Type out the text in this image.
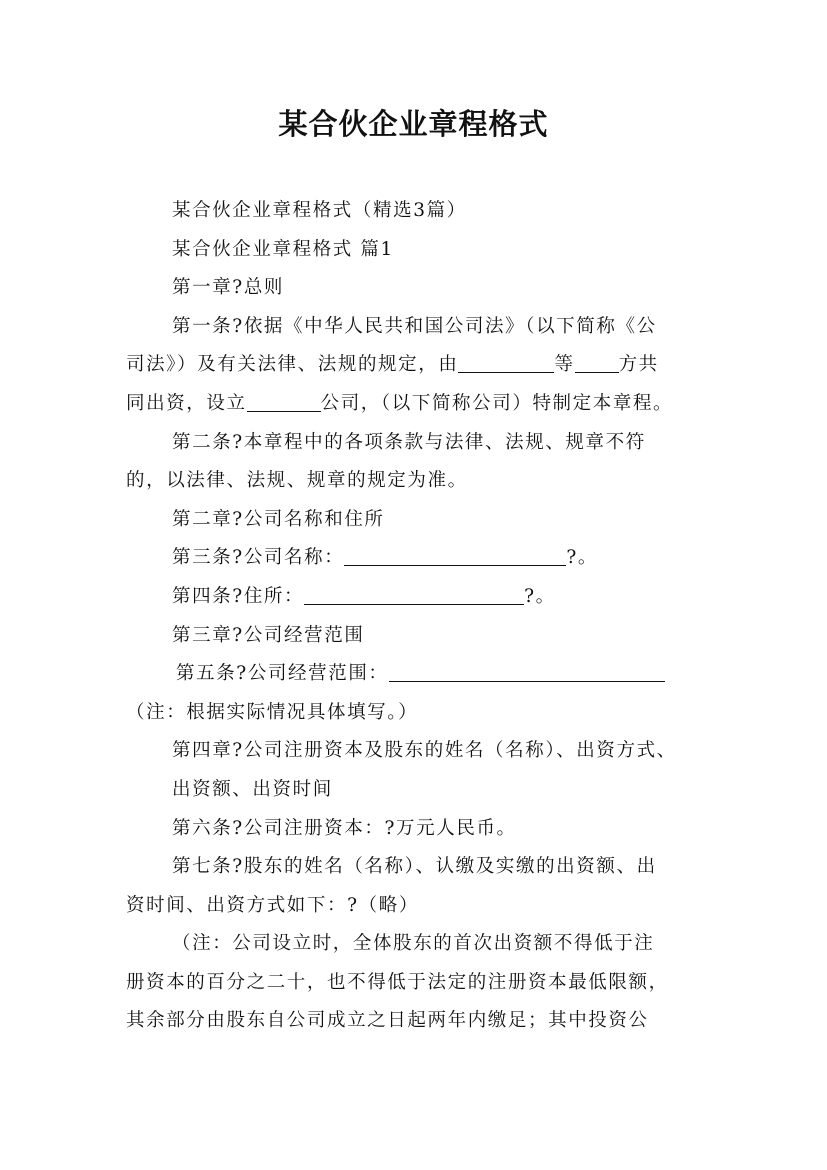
某合伙企业章程格式

某合伙企业章程格式（精选3篇）

某合伙企业章程格式 篇1

第一章?总则

第一条?依据《中华人民共和国公司法》（以下简称《公

司法》）及有关法律、法规的规定，由	等 方共

同出资，设立	公司，（以下简称公司）特制定本章程。

第二条?本章程中的各项条款与法律、法规、规章不符

的，以法律、法规、规章的规定为准。

第二章?公司名称和住所

第三条?公司名称：	?。

第四条?住所：	?。

第三章?公司经营范围

第五条?公司经营范围：

（注：根据实际情况具体填写。）

第四章?公司注册资本及股东的姓名（名称）、出资方式、

出资额、出资时间

第六条?公司注册资本：?万元人民币。

第七条?股东的姓名（名称）、认缴及实缴的出资额、出

资时间、出资方式如下：?（略）

（注：公司设立时，全体股东的首次出资额不得低于注

册资本的百分之二十，也不得低于法定的注册资本最低限额，

其余部分由股东自公司成立之日起两年内缴足；其中投资公
